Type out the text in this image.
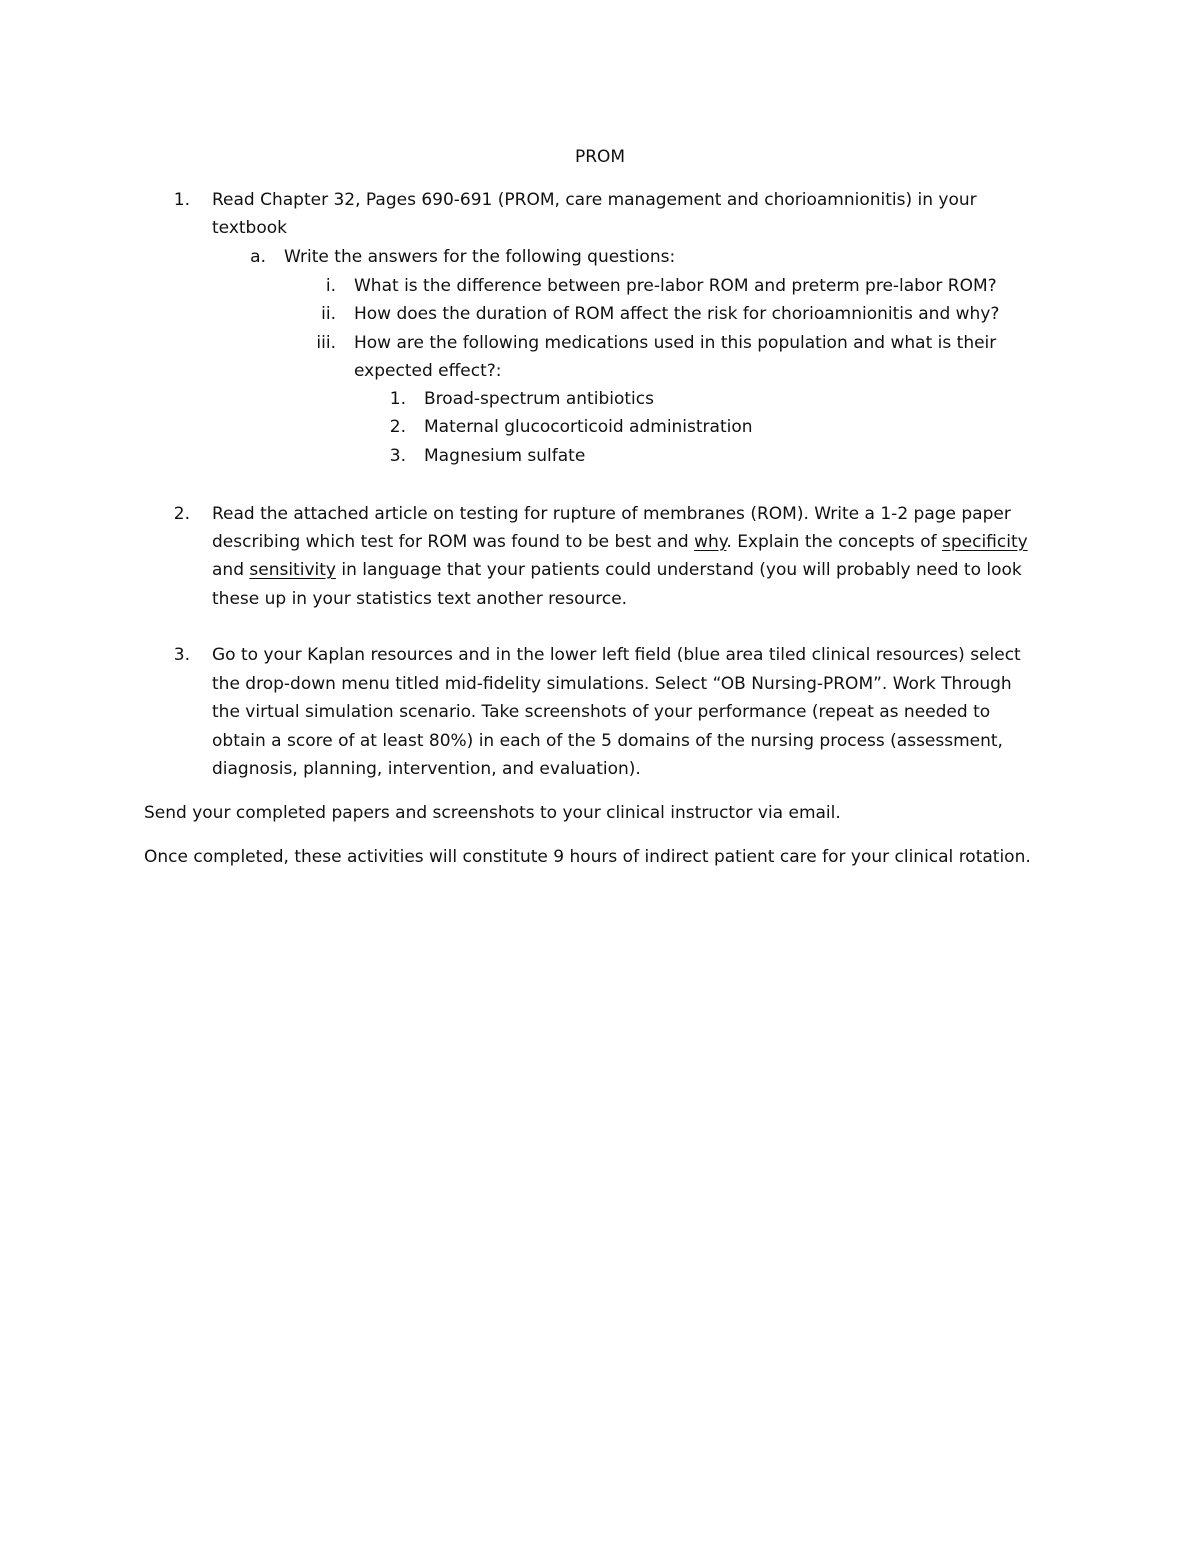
PROM
1. Read Chapter 32, Pages 690-691 (PROM, care management and chorioamnionitis) in your
textbook
a. Write the answers for the following questions:
i. What is the difference between pre-labor ROM and preterm pre-labor ROM?
ii. How does the duration of ROM affect the risk for chorioamnionitis and why?
iii. How are the following medications used in this population and what is their
expected effect?:
1. Broad-spectrum antibiotics
2. Maternal glucocorticoid administration
3. Magnesium sulfate
2. Read the attached article on testing for rupture of membranes (ROM). Write a 1-2 page paper
describing which test for ROM was found to be best and why. Explain the concepts of specificity
and sensitivity in language that your patients could understand (you will probably need to look
these up in your statistics text another resource.
3. Go to your Kaplan resources and in the lower left field (blue area tiled clinical resources) select
the drop-down menu titled mid-fidelity simulations. Select “OB Nursing-PROM”. Work Through
the virtual simulation scenario. Take screenshots of your performance (repeat as needed to
obtain a score of at least 80%) in each of the 5 domains of the nursing process (assessment,
diagnosis, planning, intervention, and evaluation).
Send your completed papers and screenshots to your clinical instructor via email.
Once completed, these activities will constitute 9 hours of indirect patient care for your clinical rotation.
